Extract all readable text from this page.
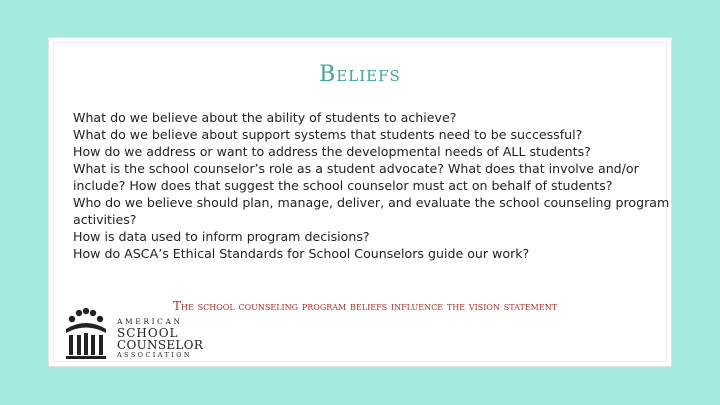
Beliefs
What do we believe about the ability of students to achieve?
What do we believe about support systems that students need to be successful?
How do we address or want to address the developmental needs of ALL students?
What is the school counselor’s role as a student advocate? What does that involve and/or include? How does that suggest the school counselor must act on behalf of students?
Who do we believe should plan, manage, deliver, and evaluate the school counseling program activities?
How is data used to inform program decisions?
How do ASCA’s Ethical Standards for School Counselors guide our work?
The school counseling program beliefs influence the vision statement
AMERICAN
SCHOOL
COUNSELOR
ASSOCIATION
